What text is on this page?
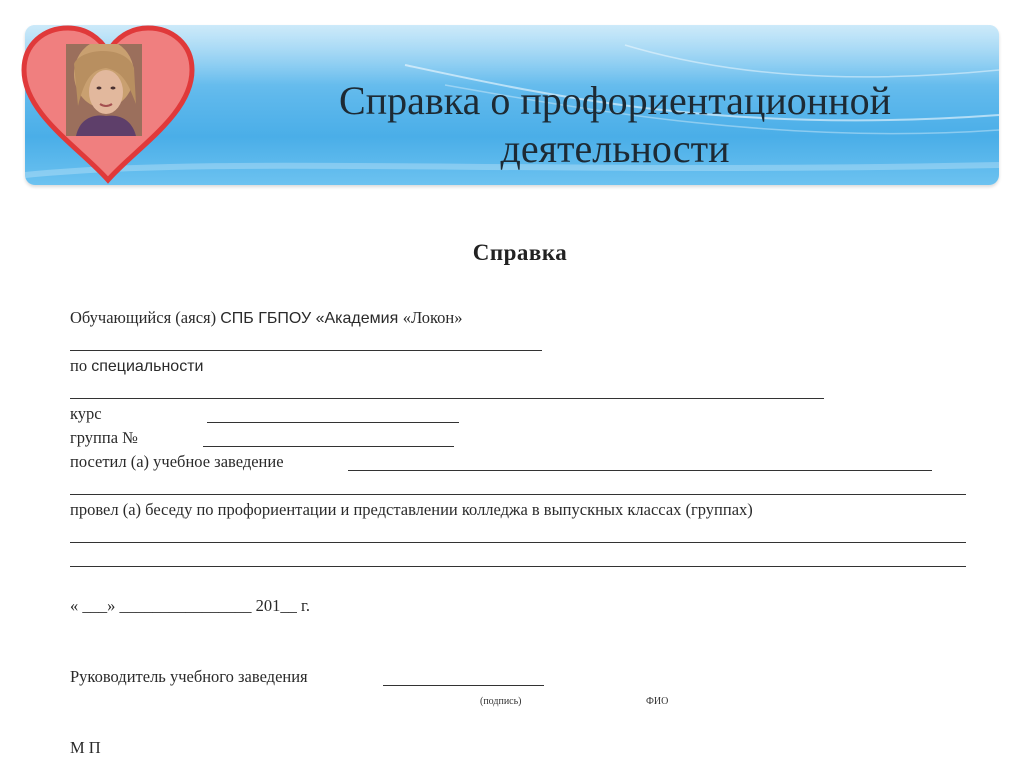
Справка о профориентационной деятельности
Справка
Обучающийся (аяся) СПБ ГБПОУ «Академия «Локон»
по специальности
курс
группа №
посетил (а) учебное заведение
провел (а) беседу по профориентации и представлении колледжа в выпускных классах (группах)
« ___» ________________ 201__ г.
Руководитель учебного заведения
(подпись)	ФИО
М П
